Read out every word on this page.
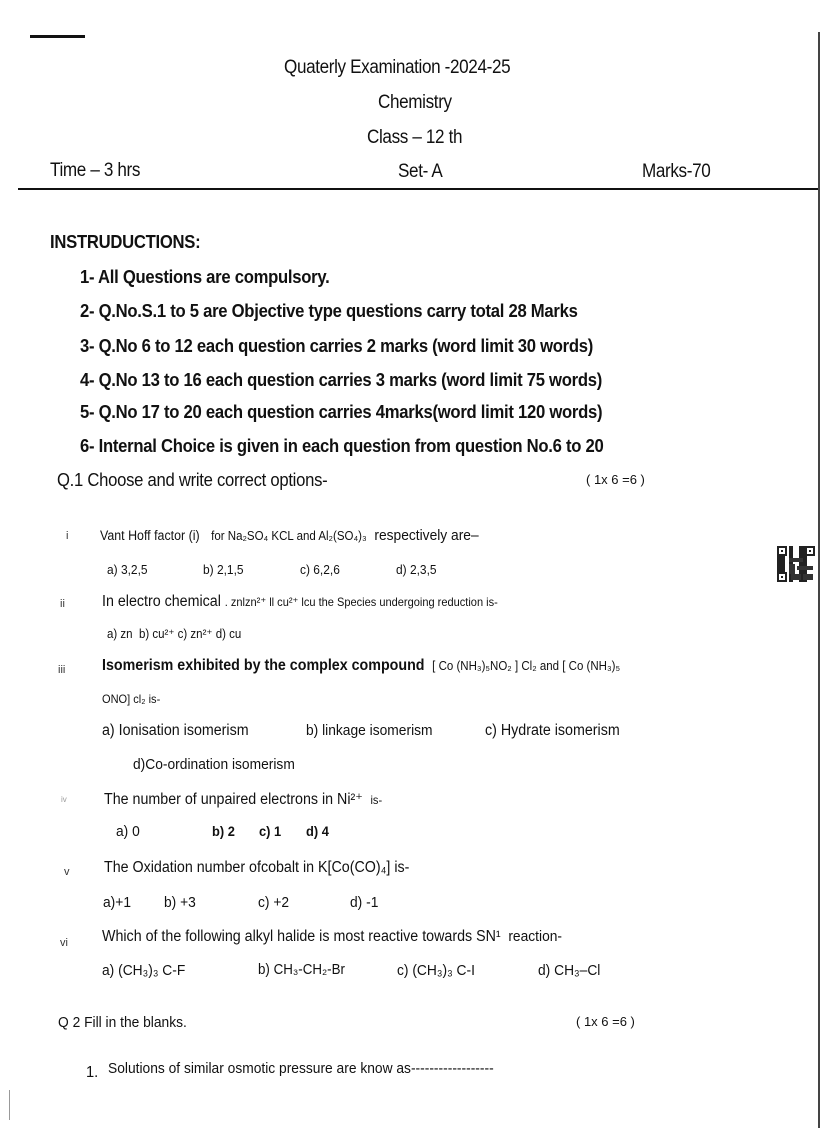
Quaterly Examination -2024-25
Chemistry
Class – 12 th
Time – 3 hrs	Set- A	Marks-70
INSTRUDUCTIONS:
1- All Questions are compulsory.
2- Q.No.S.1 to 5 are Objective type questions carry total 28 Marks
3- Q.No 6 to 12 each question carries 2 marks (word limit 30 words)
4- Q.No 13 to 16 each question carries 3 marks (word limit 75 words)
5- Q.No 17 to 20 each question carries 4marks(word limit 120 words)
6- Internal Choice is given in each question from question No.6 to 20
Q.1 Choose and write correct options-	( 1x 6 =6 )
i Vant Hoff factor (i) for Na₂SO₄ KCL and Al₂(SO₄)₃ respectively are–
a) 3,2,5	b) 2,1,5	c) 6,2,6	d) 2,3,5
ii In electro chemical . znlzn²⁺ ll cu²⁺ lcu the Species undergoing reduction is-
a) zn b) cu²⁺ c) zn²⁺ d) cu
iii Isomerism exhibited by the complex compound [ Co (NH₃)₅NO₂ ] Cl₂ and [ Co (NH₃)₅
ONO] cl₂ is-
a) Ionisation isomerism	b) linkage isomerism	c) Hydrate isomerism
d)Co-ordination isomerism
iv The number of unpaired electrons in Ni²⁺ is-
a) 0	b) 2 c) 1 d) 4
v The Oxidation number ofcobalt in K[Co(CO)₄] is-
a)+1 b) +3	c) +2	d) -1
vi Which of the following alkyl halide is most reactive towards SN¹ reaction-
a) (CH₃)₃ C-F	b) CH₃-CH₂-Br	c) (CH₃)₃ C-I	d) CH₃–Cl
Q 2 Fill in the blanks.	( 1x 6 =6 )
1. Solutions of similar osmotic pressure are know as------------------
